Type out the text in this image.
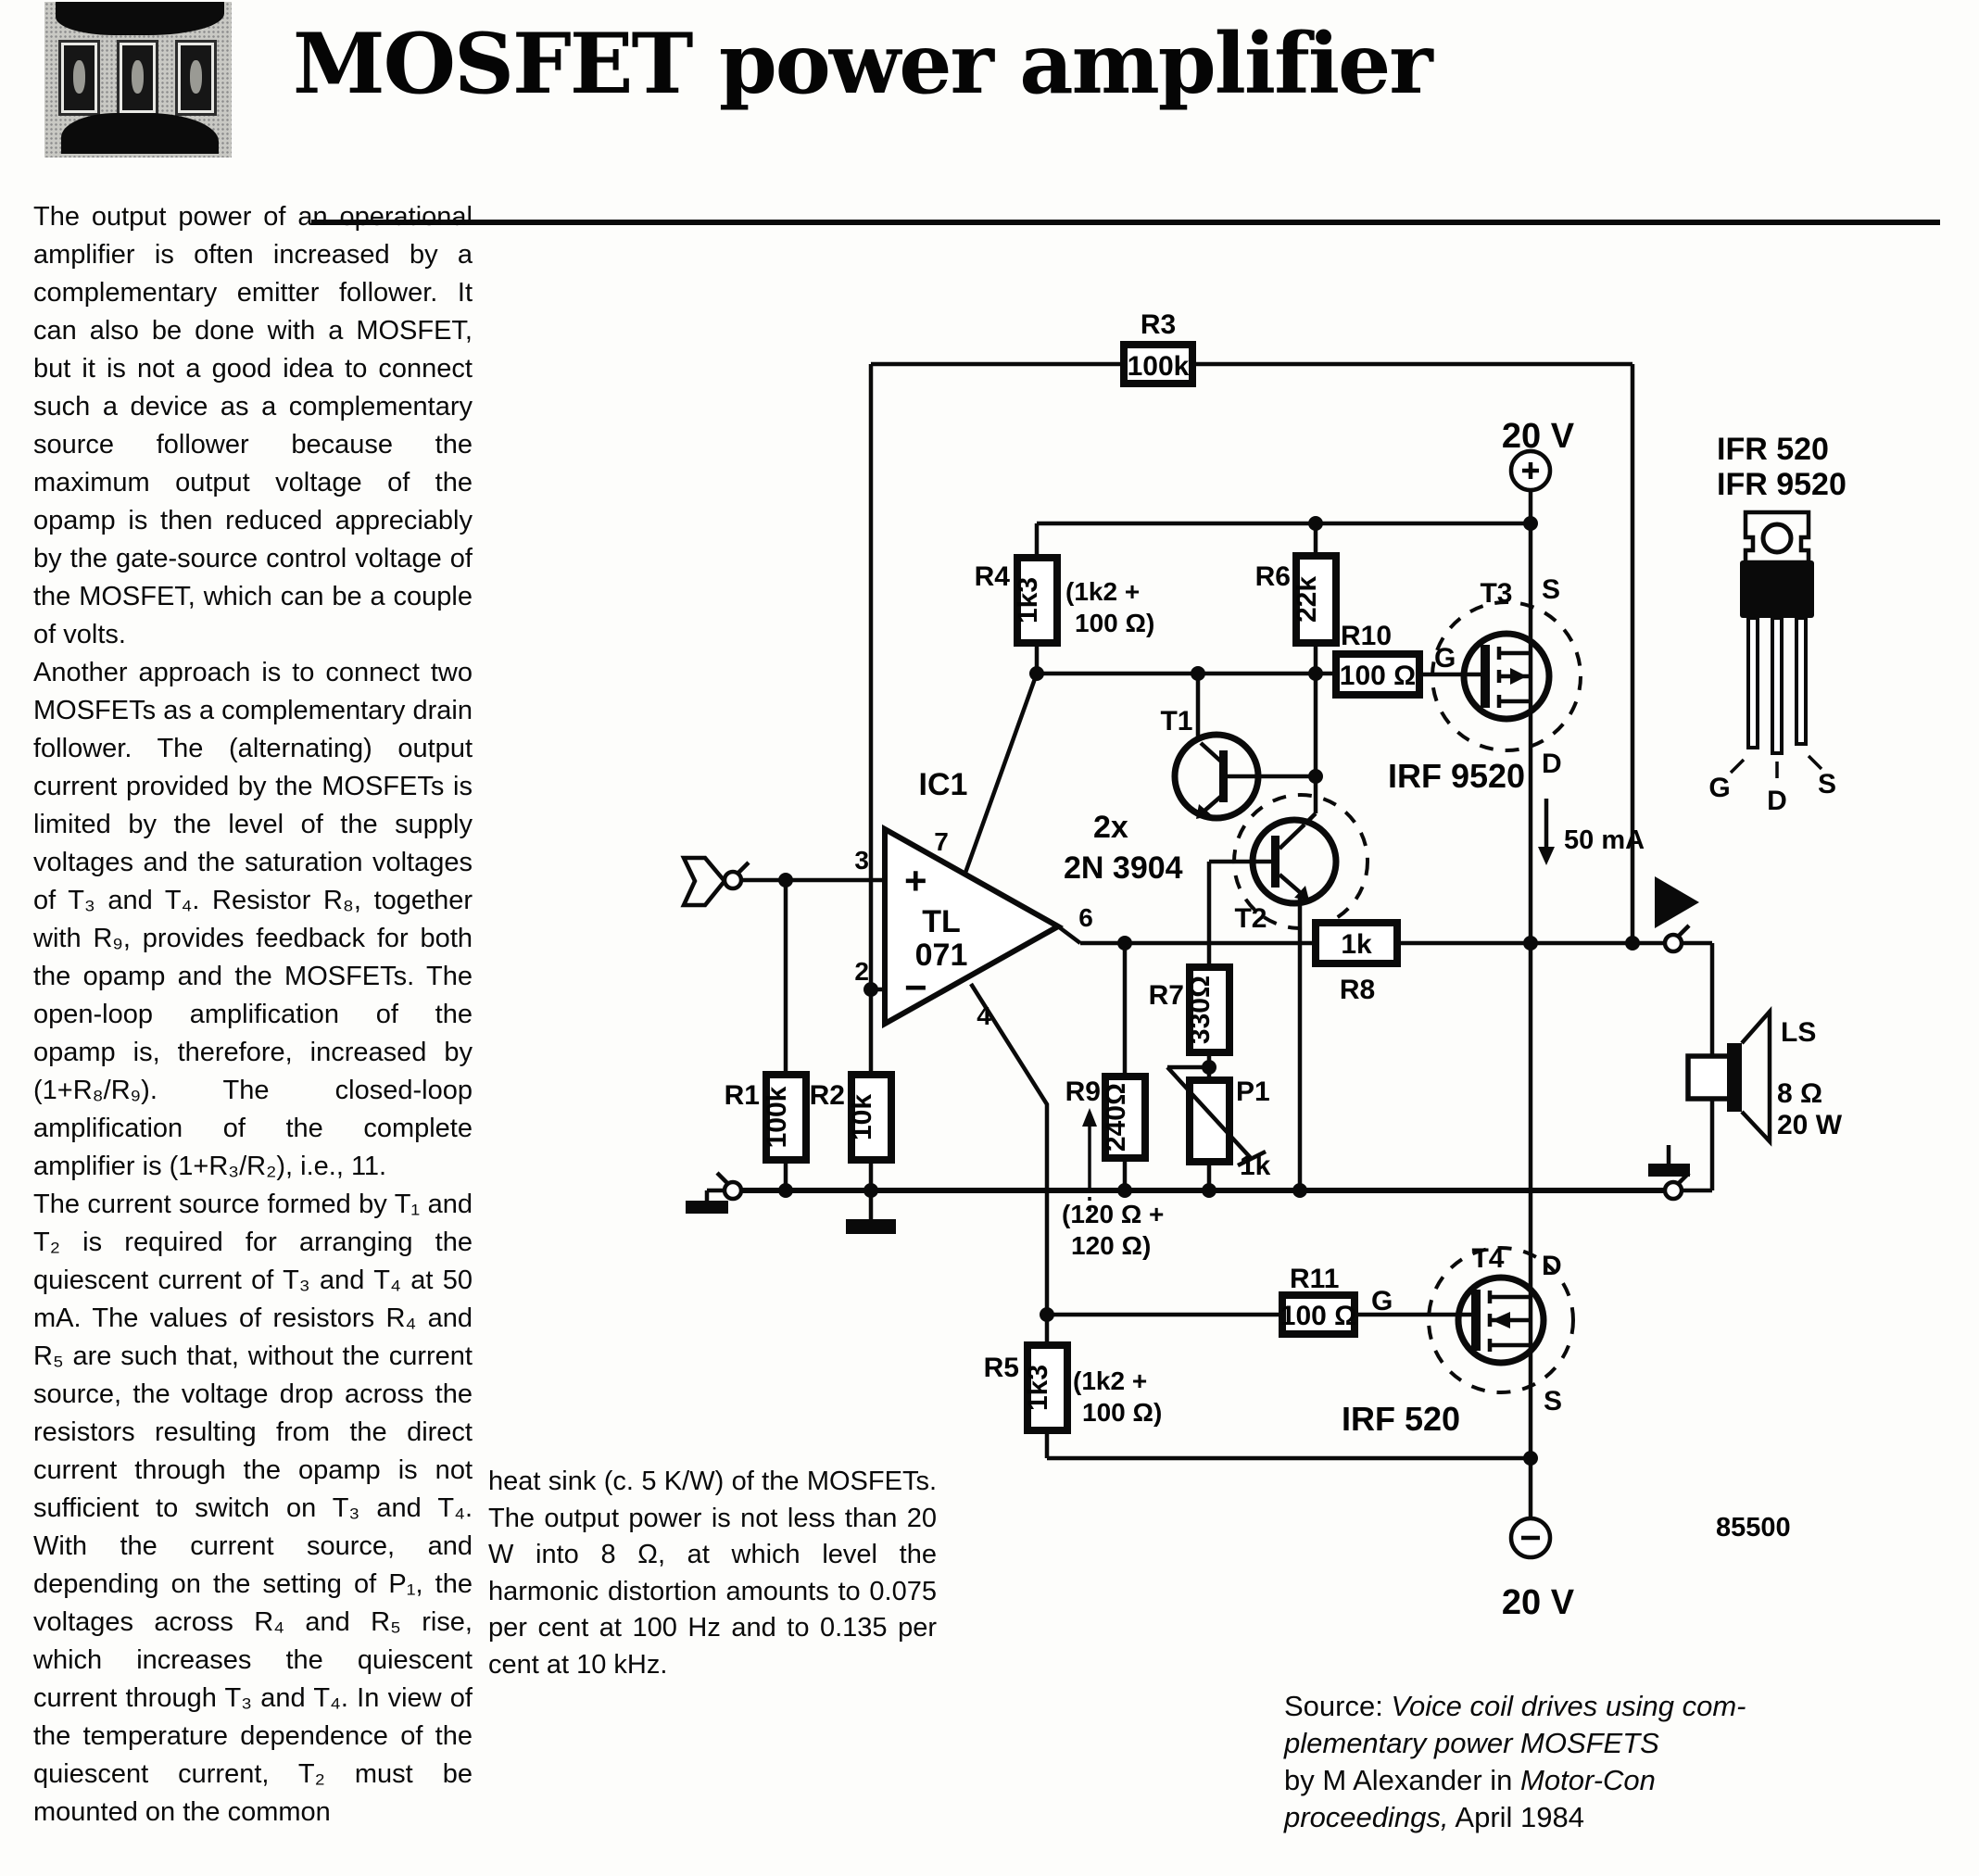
MOSFET power amplifier

The output power of an operational amplifier is often increased by a complementary emitter follower. It can also be done with a MOSFET, but it is not a good idea to connect such a device as a complementary source follower because the maximum output voltage of the opamp is then reduced appreciably by the gate-source control voltage of the MOSFET, which can be a couple of volts.

Another approach is to connect two MOSFETs as a complementary drain follower. The (alternating) output current provided by the MOSFETs is limited by the level of the supply voltages and the saturation voltages of T₃ and T₄. Resistor R₈, together with R₉, provides feedback for both the opamp and the MOSFETs. The open-loop amplification of the opamp is, therefore, increased by (1+R₈/R₉). The closed-loop amplification of the complete amplifier is (1+R₃/R₂), i.e., 11.

The current source formed by T₁ and T₂ is required for arranging the quiescent current of T₃ and T₄ at 50 mA. The values of resistors R₄ and R₅ are such that, without the current source, the voltage drop across the resistors resulting from the direct current through the opamp is not sufficient to switch on T₃ and T₄. With the current source, and depending on the setting of P₁, the voltages across R₄ and R₅ rise, which increases the quiescent current through T₃ and T₄. In view of the temperature dependence of the quiescent current, T₂ must be mounted on the common

heat sink (c. 5 K/W) of the MOSFETs. The output power is not less than 20 W into 8 Ω, at which level the harmonic distortion amounts to 0.075 per cent at 100 Hz and to 0.135 per cent at 10 kHz.
Source: Voice coil drives using com-
plementary power MOSFETS
by M Alexander in Motor-Con
proceedings, April 1984
R3
100k
3
2
+
−
7
6
4
IC1
TL
071
R4
1k3 (1k2 +
100 Ω)
R6 22k
20 V
R10
100 Ω
T3 S
D
G
IRF 9520
50 mA
T1
T2
2x
2N 3904
R9 240Ω
(120 Ω +
120 Ω)
R7 330Ω
P1
1k
1k
R8
R1 100k R2 10k
R11
100 Ω
R5 1k3 (1k2 +
100 Ω)
T4 D
S
G
IRF 520
20 V
85500
LS
8 Ω
20 W
IFR 520
IFR 9520
G D
S
